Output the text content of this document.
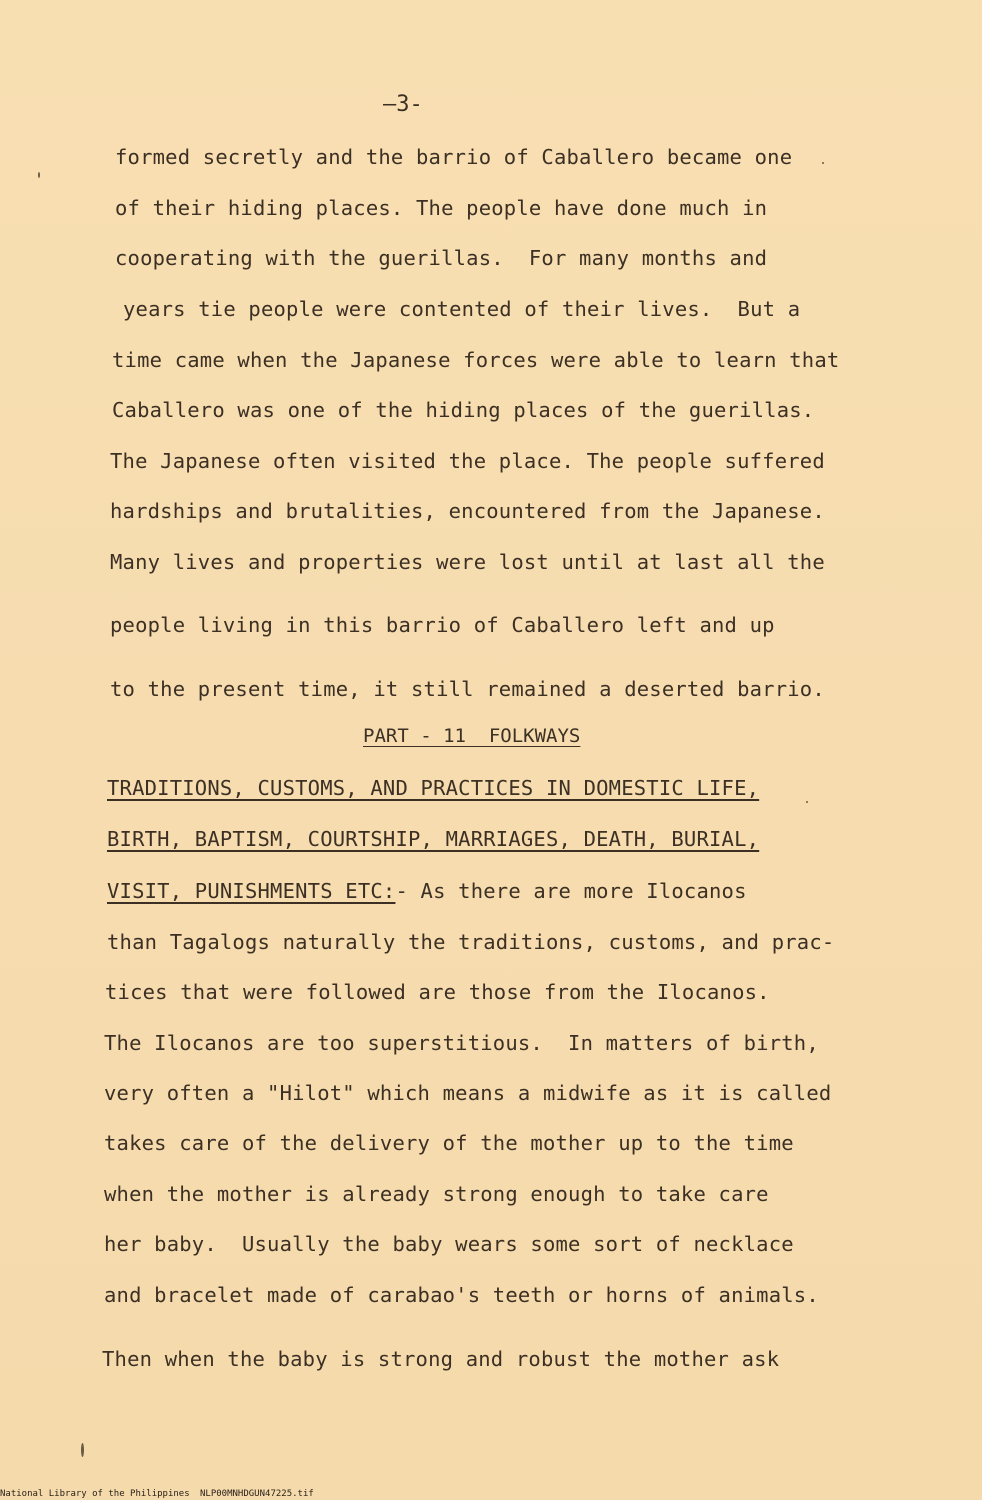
—3-
formed secretly and the barrio of Caballero became one
of their hiding places. The people have done much in
cooperating with the guerillas.  For many months and
years tie people were contented of their lives.  But a
time came when the Japanese forces were able to learn that
Caballero was one of the hiding places of the guerillas.
The Japanese often visited the place. The people suffered
hardships and brutalities, encountered from the Japanese.
Many lives and properties were lost until at last all the
people living in this barrio of Caballero left and up
to the present time, it still remained a deserted barrio.
PART - 11  FOLKWAYS
TRADITIONS, CUSTOMS, AND PRACTICES IN DOMESTIC LIFE,
BIRTH, BAPTISM, COURTSHIP, MARRIAGES, DEATH, BURIAL,
VISIT, PUNISHMENTS ETC:- As there are more Ilocanos
than Tagalogs naturally the traditions, customs, and prac-
tices that were followed are those from the Ilocanos.
The Ilocanos are too superstitious.  In matters of birth,
very often a "Hilot" which means a midwife as it is called
takes care of the delivery of the mother up to the time
when the mother is already strong enough to take care
her baby.  Usually the baby wears some sort of necklace
and bracelet made of carabao's teeth or horns of animals.
Then when the baby is strong and robust the mother ask
National Library of the Philippines NLP00MNHDGUN47225.tif
